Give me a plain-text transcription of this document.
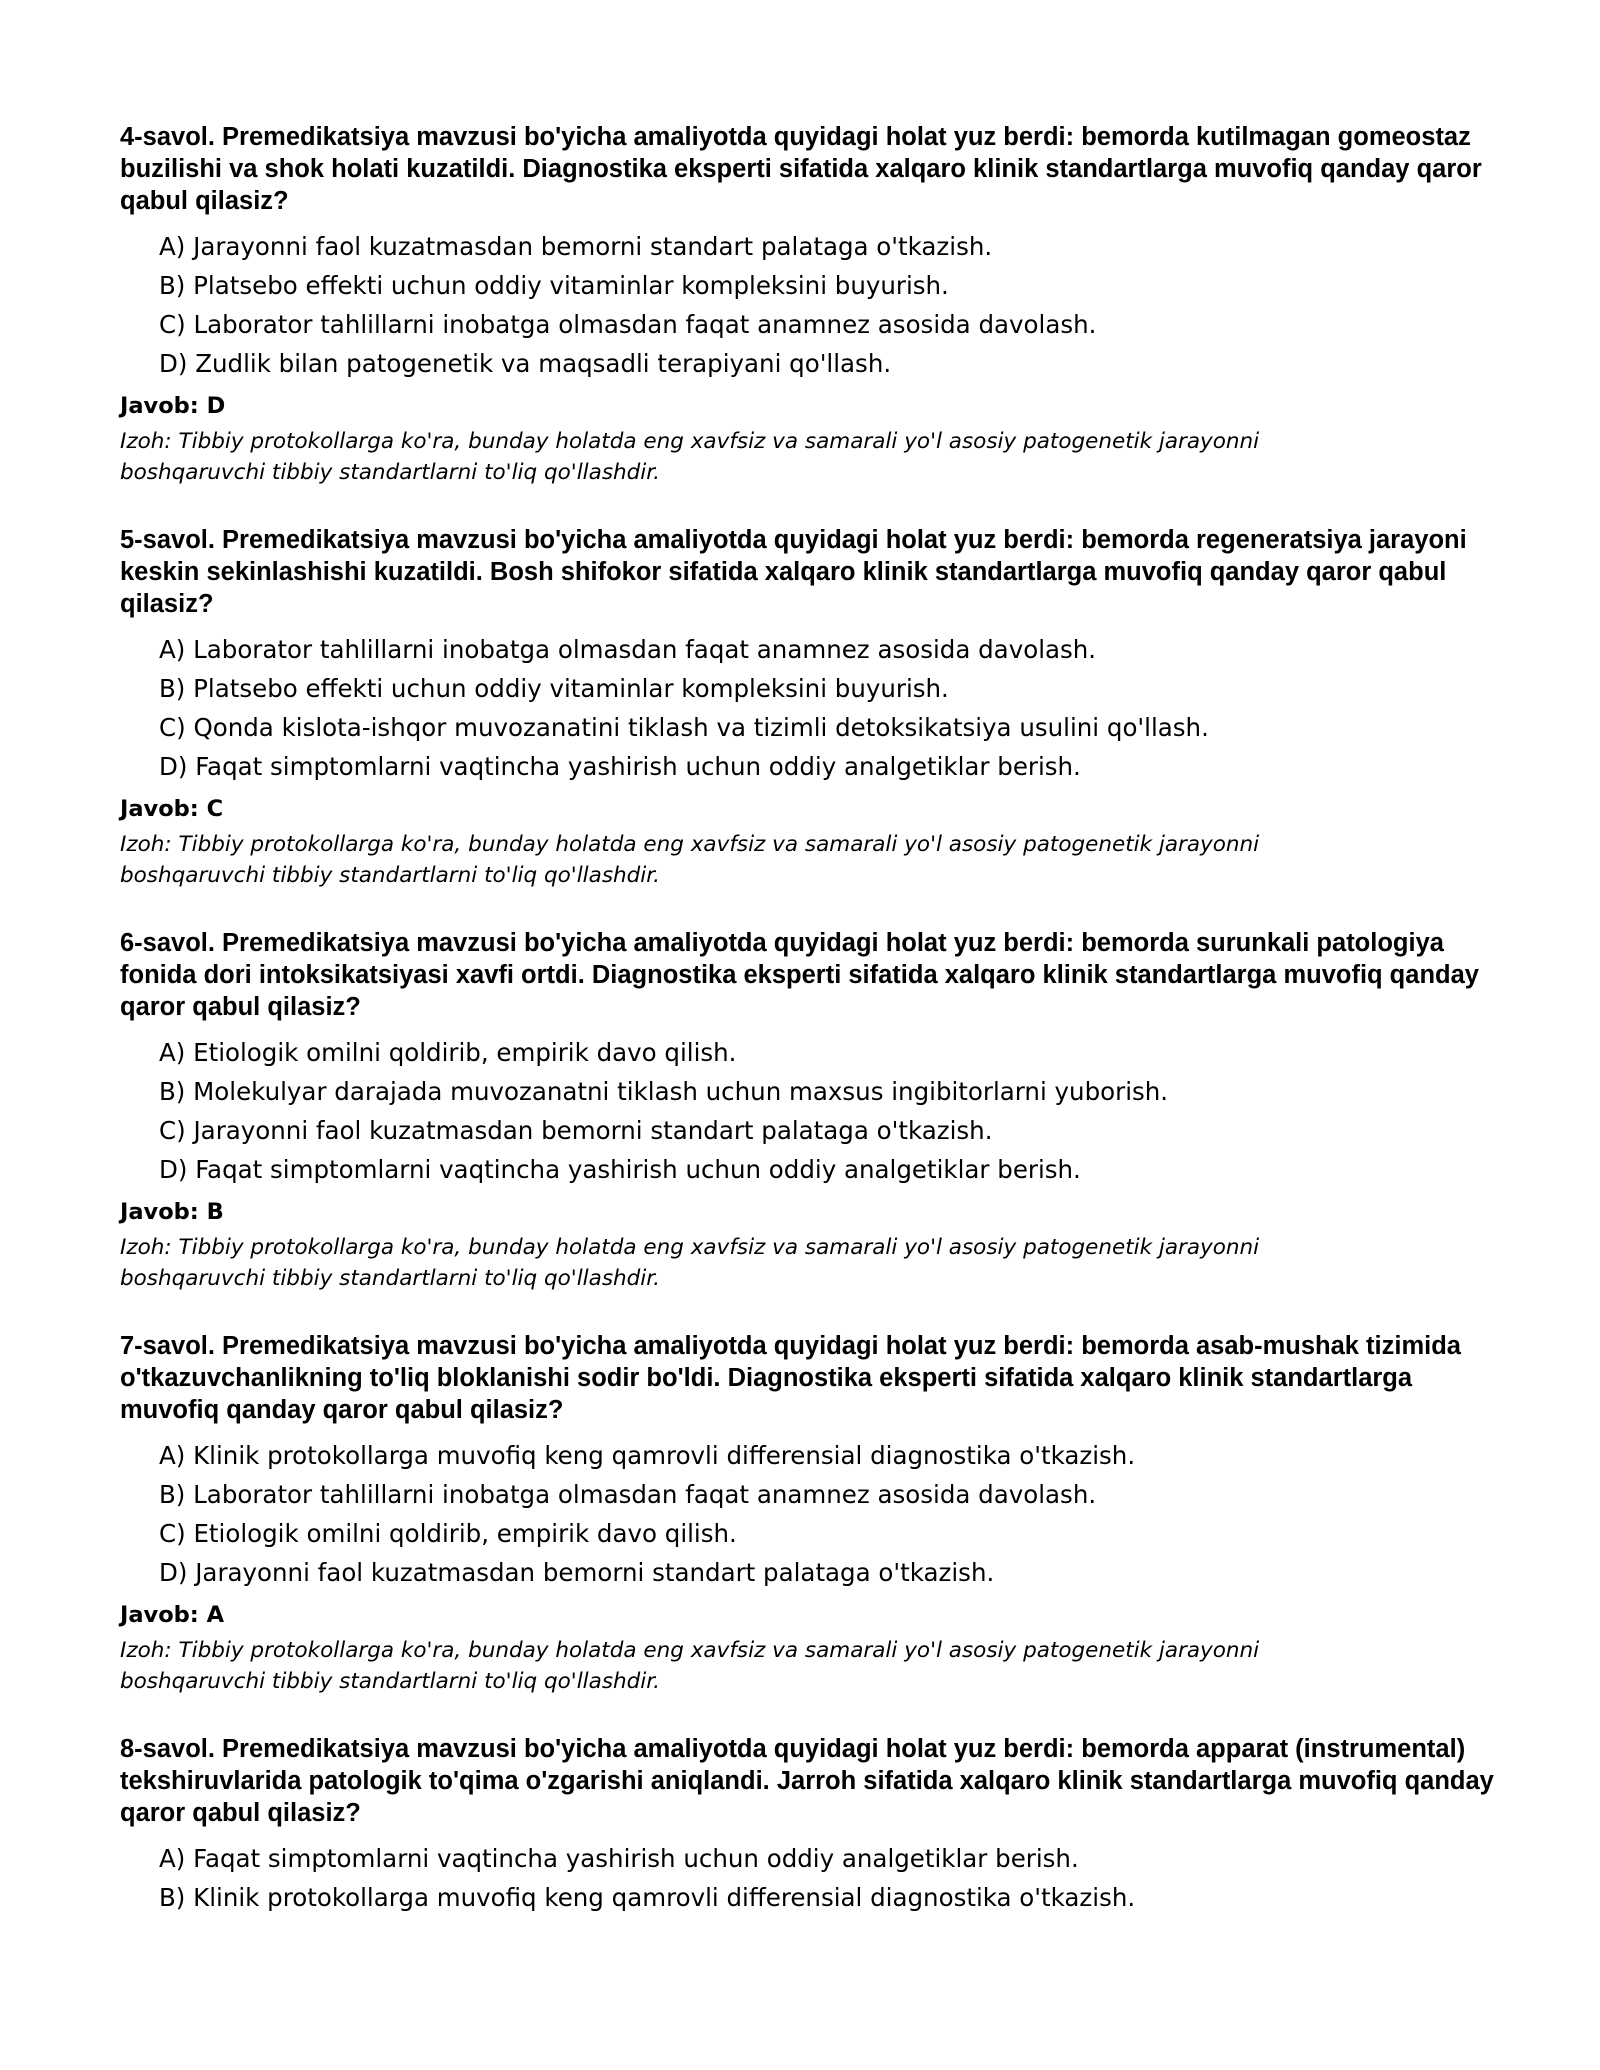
4-savol. Premedikatsiya mavzusi bo'yicha amaliyotda quyidagi holat yuz berdi: bemorda kutilmagan gomeostaz buzilishi va shok holati kuzatildi. Diagnostika eksperti sifatida xalqaro klinik standartlarga muvofiq qanday qaror qabul qilasiz?
A) Jarayonni faol kuzatmasdan bemorni standart palataga o'tkazish.
B) Platsebo effekti uchun oddiy vitaminlar kompleksini buyurish.
C) Laborator tahlillarni inobatga olmasdan faqat anamnez asosida davolash.
D) Zudlik bilan patogenetik va maqsadli terapiyani qo'llash.
Javob: D
Izoh: Tibbiy protokollarga ko'ra, bunday holatda eng xavfsiz va samarali yo'l asosiy patogenetik jarayonni boshqaruvchi tibbiy standartlarni to'liq qo'llashdir.
5-savol. Premedikatsiya mavzusi bo'yicha amaliyotda quyidagi holat yuz berdi: bemorda regeneratsiya jarayoni keskin sekinlashishi kuzatildi. Bosh shifokor sifatida xalqaro klinik standartlarga muvofiq qanday qaror qabul qilasiz?
A) Laborator tahlillarni inobatga olmasdan faqat anamnez asosida davolash.
B) Platsebo effekti uchun oddiy vitaminlar kompleksini buyurish.
C) Qonda kislota-ishqor muvozanatini tiklash va tizimli detoksikatsiya usulini qo'llash.
D) Faqat simptomlarni vaqtincha yashirish uchun oddiy analgetiklar berish.
Javob: C
Izoh: Tibbiy protokollarga ko'ra, bunday holatda eng xavfsiz va samarali yo'l asosiy patogenetik jarayonni boshqaruvchi tibbiy standartlarni to'liq qo'llashdir.
6-savol. Premedikatsiya mavzusi bo'yicha amaliyotda quyidagi holat yuz berdi: bemorda surunkali patologiya fonida dori intoksikatsiyasi xavfi ortdi. Diagnostika eksperti sifatida xalqaro klinik standartlarga muvofiq qanday qaror qabul qilasiz?
A) Etiologik omilni qoldirib, empirik davo qilish.
B) Molekulyar darajada muvozanatni tiklash uchun maxsus ingibitorlarni yuborish.
C) Jarayonni faol kuzatmasdan bemorni standart palataga o'tkazish.
D) Faqat simptomlarni vaqtincha yashirish uchun oddiy analgetiklar berish.
Javob: B
Izoh: Tibbiy protokollarga ko'ra, bunday holatda eng xavfsiz va samarali yo'l asosiy patogenetik jarayonni boshqaruvchi tibbiy standartlarni to'liq qo'llashdir.
7-savol. Premedikatsiya mavzusi bo'yicha amaliyotda quyidagi holat yuz berdi: bemorda asab-mushak tizimida o'tkazuvchanlikning to'liq bloklanishi sodir bo'ldi. Diagnostika eksperti sifatida xalqaro klinik standartlarga muvofiq qanday qaror qabul qilasiz?
A) Klinik protokollarga muvofiq keng qamrovli differensial diagnostika o'tkazish.
B) Laborator tahlillarni inobatga olmasdan faqat anamnez asosida davolash.
C) Etiologik omilni qoldirib, empirik davo qilish.
D) Jarayonni faol kuzatmasdan bemorni standart palataga o'tkazish.
Javob: A
Izoh: Tibbiy protokollarga ko'ra, bunday holatda eng xavfsiz va samarali yo'l asosiy patogenetik jarayonni boshqaruvchi tibbiy standartlarni to'liq qo'llashdir.
8-savol. Premedikatsiya mavzusi bo'yicha amaliyotda quyidagi holat yuz berdi: bemorda apparat (instrumental) tekshiruvlarida patologik to'qima o'zgarishi aniqlandi. Jarroh sifatida xalqaro klinik standartlarga muvofiq qanday qaror qabul qilasiz?
A) Faqat simptomlarni vaqtincha yashirish uchun oddiy analgetiklar berish.
B) Klinik protokollarga muvofiq keng qamrovli differensial diagnostika o'tkazish.
